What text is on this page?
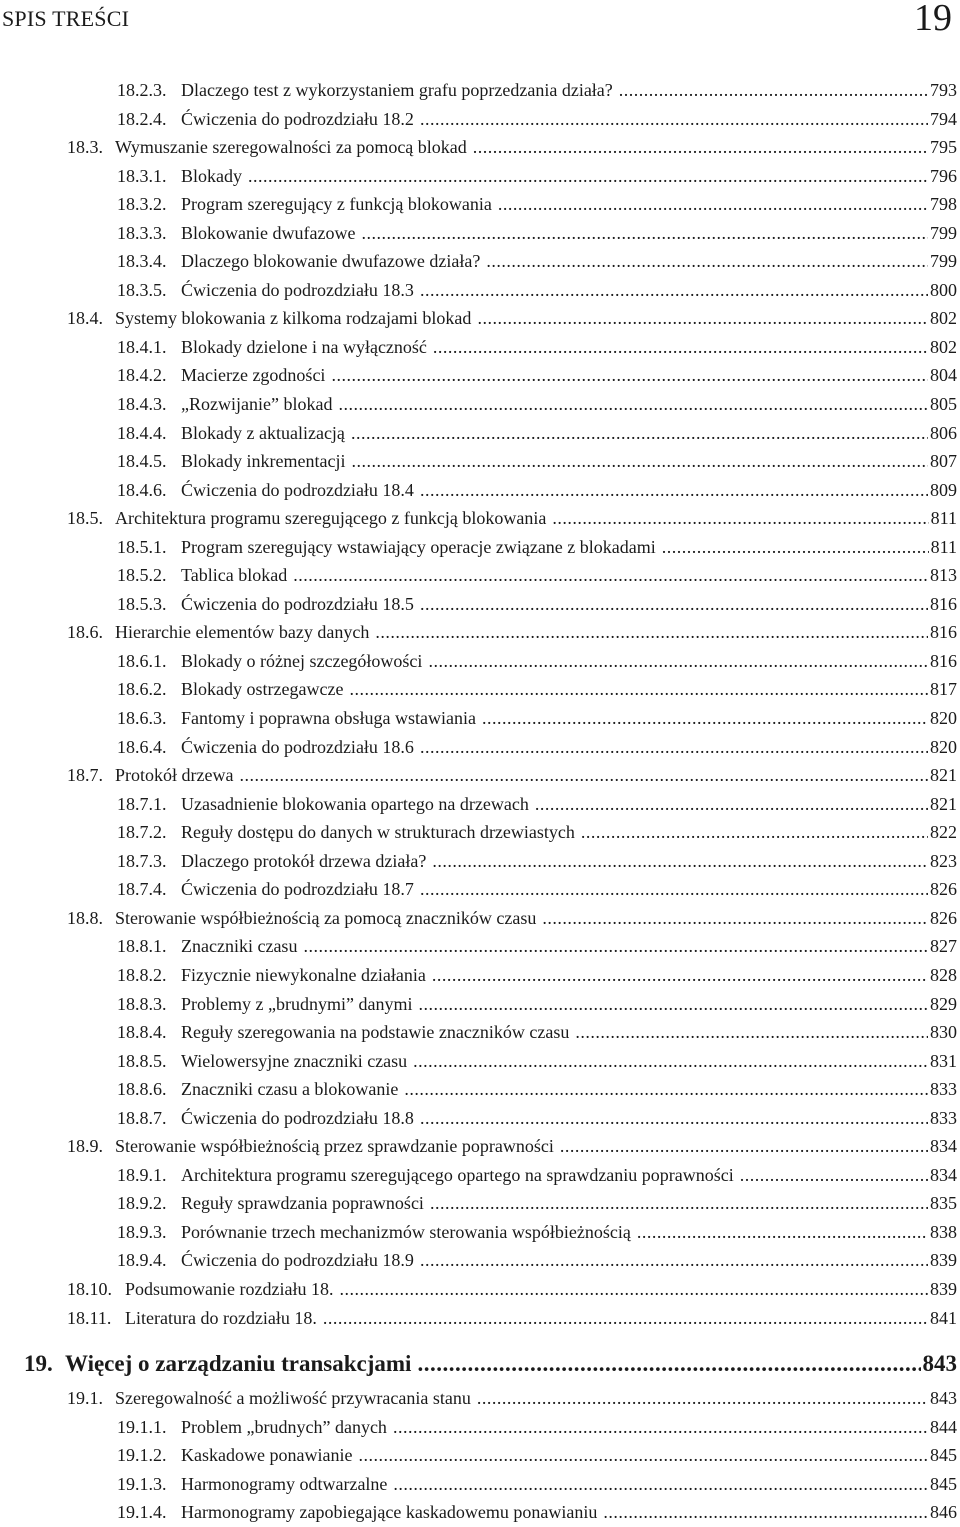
SPIS TREŚCI	19
18.2.3. Dlaczego test z wykorzystaniem grafu poprzedzania działa? .....	793
18.2.4. Ćwiczenia do podrozdziału 18.2 .....	794
18.3. Wymuszanie szeregowalności za pomocą blokad .....	795
18.3.1. Blokady .....	796
18.3.2. Program szeregujący z funkcją blokowania .....	798
18.3.3. Blokowanie dwufazowe .....	799
18.3.4. Dlaczego blokowanie dwufazowe działa? .....	799
18.3.5. Ćwiczenia do podrozdziału 18.3 .....	800
18.4. Systemy blokowania z kilkoma rodzajami blokad .....	802
18.4.1. Blokady dzielone i na wyłączność .....	802
18.4.2. Macierze zgodności .....	804
18.4.3. „Rozwijanie” blokad .....	805
18.4.4. Blokady z aktualizacją .....	806
18.4.5. Blokady inkrementacji .....	807
18.4.6. Ćwiczenia do podrozdziału 18.4 .....	809
18.5. Architektura programu szeregującego z funkcją blokowania .....	811
18.5.1. Program szeregujący wstawiający operacje związane z blokadami .....	811
18.5.2. Tablica blokad .....	813
18.5.3. Ćwiczenia do podrozdziału 18.5 .....	816
18.6. Hierarchie elementów bazy danych .....	816
18.6.1. Blokady o różnej szczegółowości .....	816
18.6.2. Blokady ostrzegawcze .....	817
18.6.3. Fantomy i poprawna obsługa wstawiania .....	820
18.6.4. Ćwiczenia do podrozdziału 18.6 .....	820
18.7. Protokół drzewa .....	821
18.7.1. Uzasadnienie blokowania opartego na drzewach .....	821
18.7.2. Reguły dostępu do danych w strukturach drzewiastych .....	822
18.7.3. Dlaczego protokół drzewa działa? .....	823
18.7.4. Ćwiczenia do podrozdziału 18.7 .....	826
18.8. Sterowanie współbieżnością za pomocą znaczników czasu .....	826
18.8.1. Znaczniki czasu .....	827
18.8.2. Fizycznie niewykonalne działania .....	828
18.8.3. Problemy z „brudnymi” danymi .....	829
18.8.4. Reguły szeregowania na podstawie znaczników czasu .....	830
18.8.5. Wielowersyjne znaczniki czasu .....	831
18.8.6. Znaczniki czasu a blokowanie .....	833
18.8.7. Ćwiczenia do podrozdziału 18.8 .....	833
18.9. Sterowanie współbieżnością przez sprawdzanie poprawności .....	834
18.9.1. Architektura programu szeregującego opartego na sprawdzaniu poprawności .....	834
18.9.2. Reguły sprawdzania poprawności .....	835
18.9.3. Porównanie trzech mechanizmów sterowania współbieżnością .....	838
18.9.4. Ćwiczenia do podrozdziału 18.9 .....	839
18.10. Podsumowanie rozdziału 18. .....	839
18.11. Literatura do rozdziału 18. .....	841
19. Więcej o zarządzaniu transakcjami .....	843
19.1. Szeregowalność a możliwość przywracania stanu .....	843
19.1.1. Problem „brudnych” danych .....	844
19.1.2. Kaskadowe ponawianie .....	845
19.1.3. Harmonogramy odtwarzalne .....	845
19.1.4. Harmonogramy zapobiegające kaskadowemu ponawianiu .....	846
